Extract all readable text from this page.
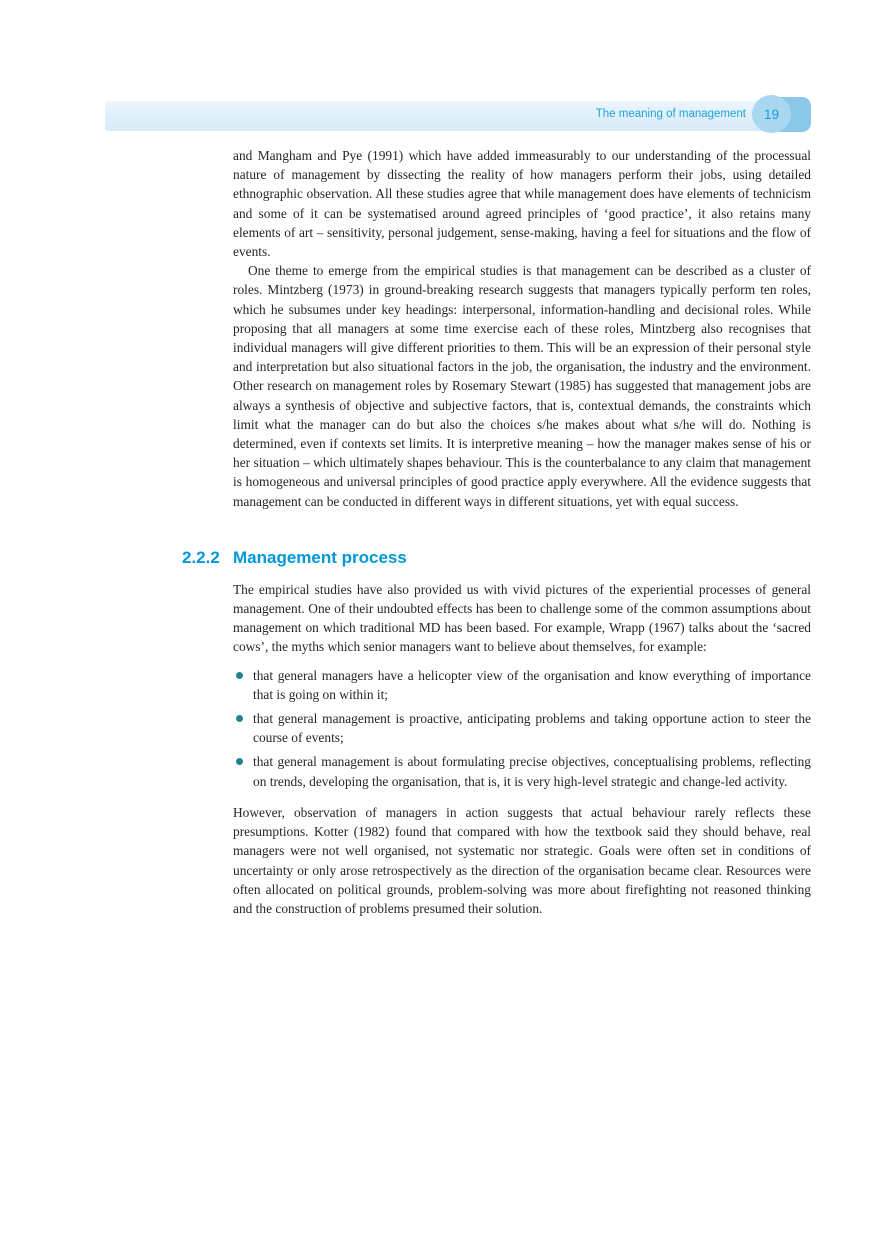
19
The meaning of management

and Mangham and Pye (1991) which have added immeasurably to our understanding of the processual nature of management by dissecting the reality of how managers perform their jobs, using detailed ethnographic observation. All these studies agree that while management does have elements of technicism and some of it can be systematised around agreed principles of ‘good practice’, it also retains many elements of art – sensitivity, personal judgement, sense-making, having a feel for situations and the flow of events.

One theme to emerge from the empirical studies is that management can be described as a cluster of roles. Mintzberg (1973) in ground-breaking research suggests that managers typically perform ten roles, which he subsumes under key headings: interpersonal, information-handling and decisional roles. While proposing that all managers at some time exercise each of these roles, Mintzberg also recognises that individual managers will give different priorities to them. This will be an expression of their personal style and interpretation but also situational factors in the job, the organisation, the industry and the environment. Other research on management roles by Rosemary Stewart (1985) has suggested that management jobs are always a synthesis of objective and subjective factors, that is, contextual demands, the constraints which limit what the manager can do but also the choices s/he makes about what s/he will do. Nothing is determined, even if contexts set limits. It is interpretive meaning – how the manager makes sense of his or her situation – which ultimately shapes behaviour. This is the counterbalance to any claim that management is homogeneous and universal principles of good practice apply everywhere. All the evidence suggests that management can be conducted in different ways in different situations, yet with equal success.

2.2.2 Management process

The empirical studies have also provided us with vivid pictures of the experiential processes of general management. One of their undoubted effects has been to challenge some of the common assumptions about management on which traditional MD has been based. For example, Wrapp (1967) talks about the ‘sacred cows’, the myths which senior managers want to believe about themselves, for example:

that general managers have a helicopter view of the organisation and know everything of importance that is going on within it;
that general management is proactive, anticipating problems and taking opportune action to steer the course of events;
that general management is about formulating precise objectives, conceptualising problems, reflecting on trends, developing the organisation, that is, it is very high-level strategic and change-led activity.

However, observation of managers in action suggests that actual behaviour rarely reflects these presumptions. Kotter (1982) found that compared with how the textbook said they should behave, real managers were not well organised, not systematic nor strategic. Goals were often set in conditions of uncertainty or only arose retrospectively as the direction of the organisation became clear. Resources were often allocated on political grounds, problem-solving was more about firefighting not reasoned thinking and the construction of problems presumed their solution.
